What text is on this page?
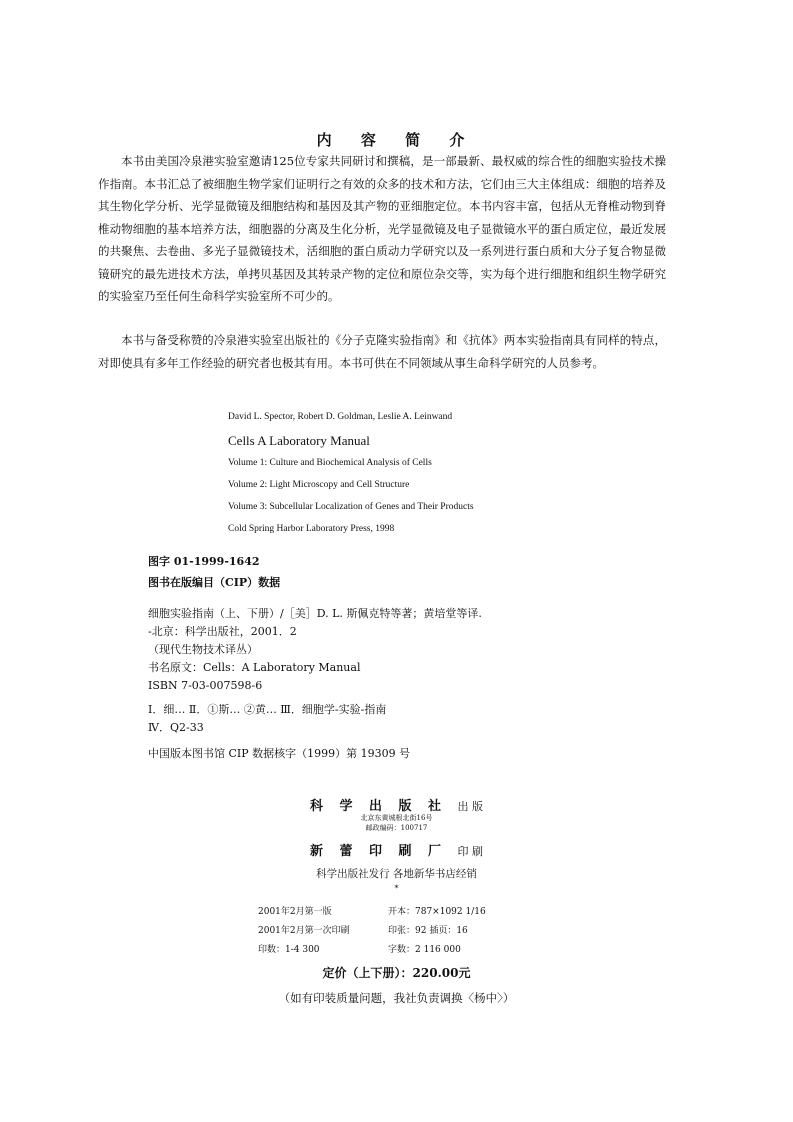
内 容 简 介
本书由美国冷泉港实验室邀请125位专家共同研讨和撰稿，是一部最新、最权威的综合性的细胞实验技术操作指南。本书汇总了被细胞生物学家们证明行之有效的众多的技术和方法，它们由三大主体组成：细胞的培养及其生物化学分析、光学显微镜及细胞结构和基因及其产物的亚细胞定位。本书内容丰富，包括从无脊椎动物到脊椎动物细胞的基本培养方法，细胞器的分离及生化分析，光学显微镜及电子显微镜水平的蛋白质定位，最近发展的共聚焦、去卷曲、多光子显微镜技术，活细胞的蛋白质动力学研究以及一系列进行蛋白质和大分子复合物显微镜研究的最先进技术方法，单拷贝基因及其转录产物的定位和原位杂交等，实为每个进行细胞和组织生物学研究的实验室乃至任何生命科学实验室所不可少的。
本书与备受称赞的冷泉港实验室出版社的《分子克隆实验指南》和《抗体》两本实验指南具有同样的特点，对即使具有多年工作经验的研究者也极其有用。本书可供在不同领域从事生命科学研究的人员参考。
David L. Spector, Robert D. Goldman, Leslie A. Leinwand
Cells A Laboratory Manual
Volume 1: Culture and Biochemical Analysis of Cells
Volume 2: Light Microscopy and Cell Structure
Volume 3: Subcellular Localization of Genes and Their Products
Cold Spring Harbor Laboratory Press, 1998
图字 01-1999-1642
图书在版编目（CIP）数据
细胞实验指南（上、下册）/［美］D. L. 斯佩克特等著；黄培堂等译.
-北京：科学出版社，2001．2
（现代生物技术译丛）
书名原文：Cells：A Laboratory Manual
ISBN 7-03-007598-6
Ⅰ．细… Ⅱ．①斯… ②黄… Ⅲ．细胞学-实验-指南
Ⅳ．Q2-33
中国版本图书馆 CIP 数据核字（1999）第 19309 号
科 学 出 版 社 出 版
北京东黄城根北街16号
邮政编码：100717
新 蕾 印 刷 厂 印 刷
科学出版社发行 各地新华书店经销
*
2001年2月第一版	开本：787×1092 1/16
2001年2月第一次印刷	印张：92 插页：16
印数：1-4 300	字数：2 116 000
定价（上下册）：220.00元
（如有印装质量问题，我社负责调换〈杨中〉）
